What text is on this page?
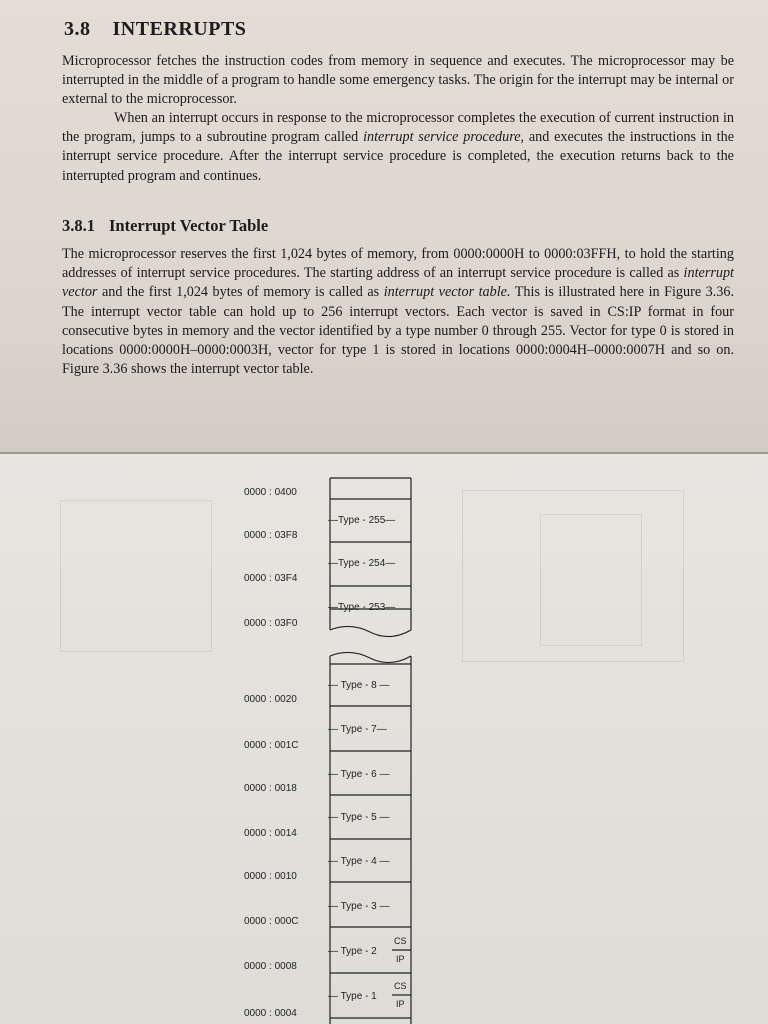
3.8 INTERRUPTS

Microprocessor fetches the instruction codes from memory in sequence and executes. The microprocessor may be interrupted in the middle of a program to handle some emergency tasks. The origin for the interrupt may be internal or external to the microprocessor.

When an interrupt occurs in response to the microprocessor completes the execution of current instruction in the program, jumps to a subroutine program called interrupt service procedure, and executes the instructions in the interrupt service procedure. After the interrupt service procedure is completed, the execution returns back to the interrupted program and continues.

3.8.1 Interrupt Vector Table

The microprocessor reserves the first 1,024 bytes of memory, from 0000:0000H to 0000:03FFH, to hold the starting addresses of interrupt service procedures. The starting address of an interrupt service procedure is called as interrupt vector and the first 1,024 bytes of memory is called as interrupt vector table. This is illustrated here in Figure 3.36. The interrupt vector table can hold up to 256 interrupt vectors. Each vector is saved in CS:IP format in four consecutive bytes in memory and the vector identified by a type number 0 through 255. Vector for type 0 is stored in locations 0000:0000H–0000:0003H, vector for type 1 is stored in locations 0000:0004H–0000:0007H and so on. Figure 3.36 shows the interrupt vector table.

0000 : 0400
0000 : 03F8
0000 : 03F4
0000 : 03F0
0000 : 0020
0000 : 001C
0000 : 0018
0000 : 0014
0000 : 0010
0000 : 000C
0000 : 0008
0000 : 0004
—Type - 255—
—Type - 254—
—Type - 253—
— Type - 8 —
— Type - 7—
— Type - 6 —
— Type - 5 —
— Type - 4 —
— Type - 3 —
— Type - 2
— Type - 1
CS
IP
CS
IP
